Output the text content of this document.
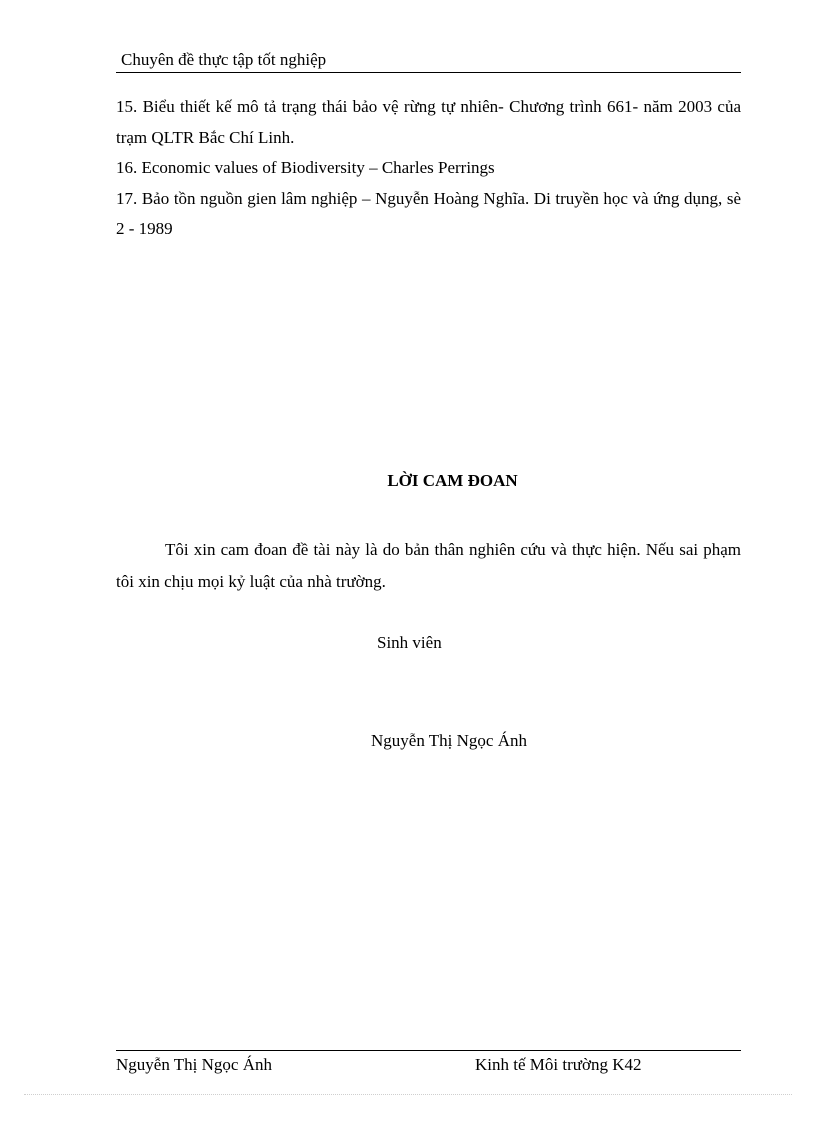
Chuyên đề thực tập tốt nghiệp

15. Biểu thiết kế mô tả trạng thái bảo vệ rừng tự nhiên- Chương trình 661- năm 2003 của trạm QLTR Bắc Chí Linh.

16. Economic values of Biodiversity – Charles Perrings

17. Bảo tồn nguồn gien lâm nghiệp – Nguyễn Hoàng Nghĩa. Di truyền học và ứng dụng, sè 2 - 1989

LỜI CAM ĐOAN

Tôi xin cam đoan đề tài này là do bản thân nghiên cứu và thực hiện. Nếu sai phạm tôi xin chịu mọi kỷ luật của nhà trường.

Sinh viên
Nguyễn Thị Ngọc Ánh
Nguyễn Thị Ngọc Ánh	Kinh tế Môi trường K42
